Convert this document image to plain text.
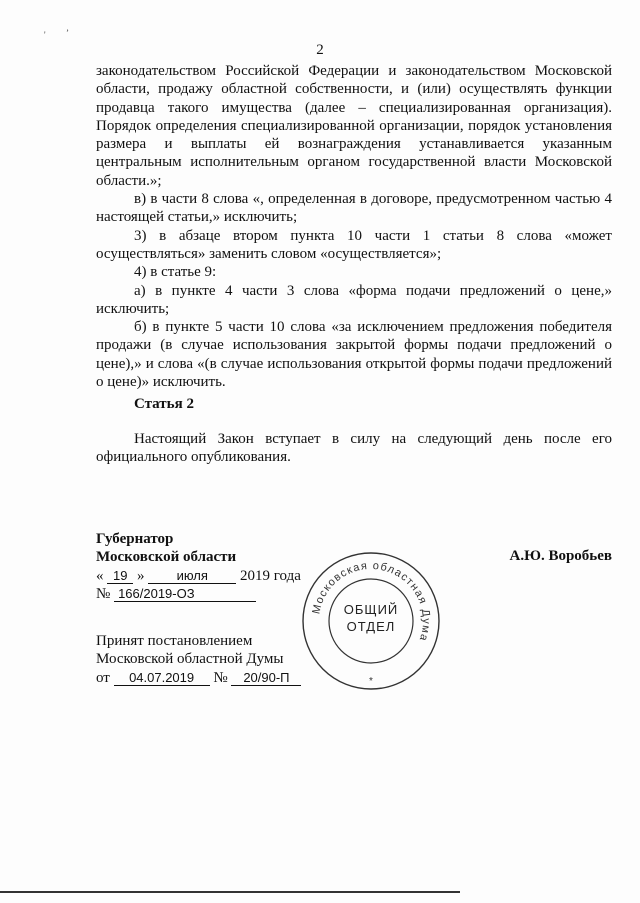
' ’
2

законодательством Российской Федерации и законодательством Московской области, продажу областной собственности, и (или) осуществлять функции продавца такого имущества (далее – специализированная организация). Порядок определения специализированной организации, порядок установления размера и выплаты ей вознаграждения устанавливается указанным центральным исполнительным органом государственной власти Московской области.»;

в) в части 8 слова «, определенная в договоре, предусмотренном частью 4 настоящей статьи,» исключить;

3) в абзаце втором пункта 10 части 1 статьи 8 слова «может осуществляться» заменить словом «осуществляется»;

4) в статье 9:

а) в пункте 4 части 3 слова «форма подачи предложений о цене,» исключить;

б) в пункте 5 части 10 слова «за исключением предложения победителя продажи (в случае использования закрытой формы подачи предложений о цене),» и слова «(в случае использования открытой формы подачи предложений о цене)» исключить.

Статья 2

Настоящий Закон вступает в силу на следующий день после его официального опубликования.

Губернатор
Московской области	А.Ю. Воробьев
« 19 » июля 2019 года
№ 166/2019-ОЗ
Принят постановлением
Московской областной Думы
от 04.07.2019 № 20/90-П
Московская областная Дума
*
ОБЩИЙ
ОТДЕЛ
